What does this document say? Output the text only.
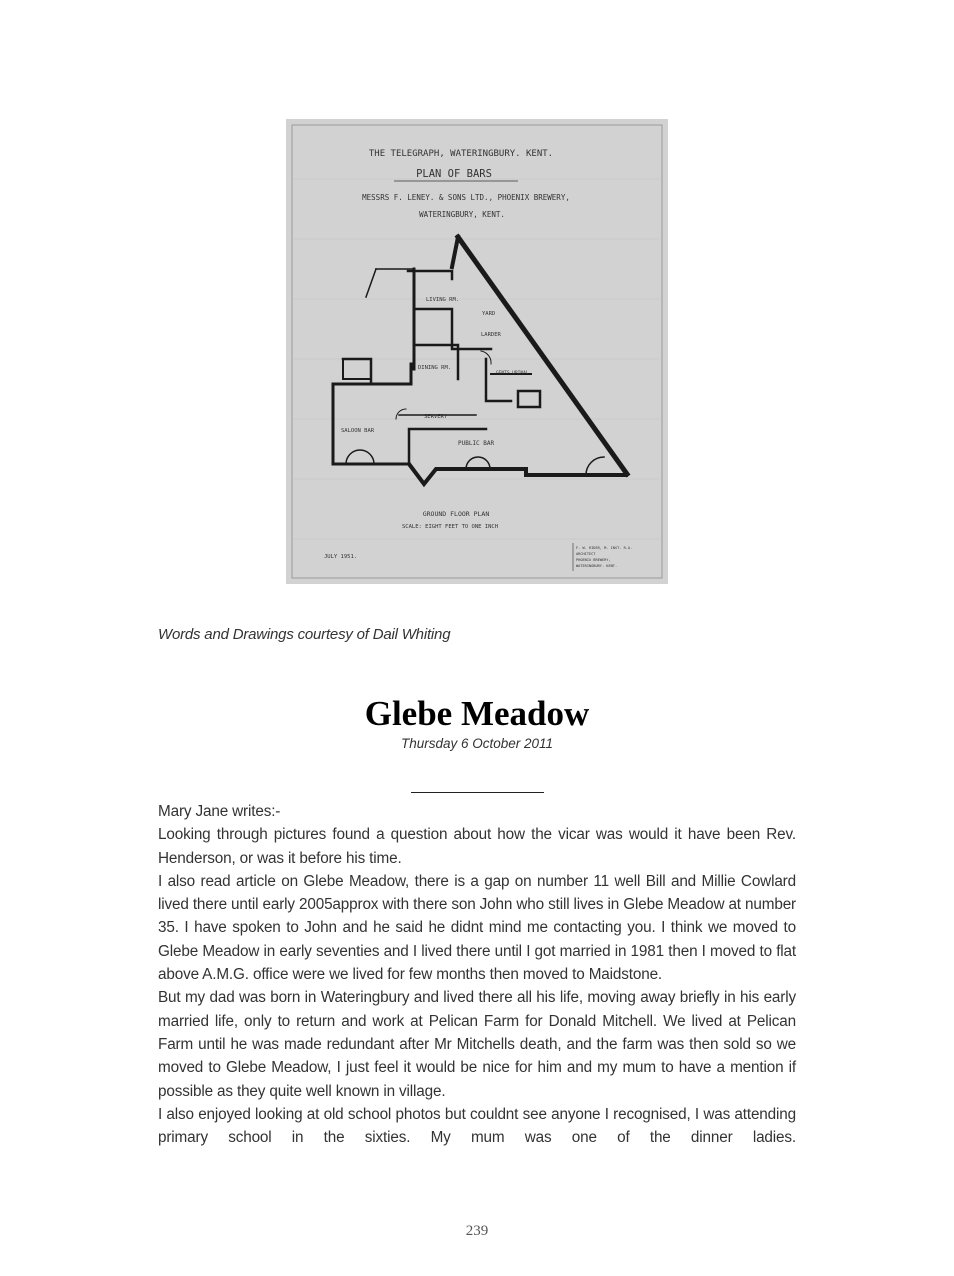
THE TELEGRAPH, WATERINGBURY. KENT.
PLAN OF BARS
MESSRS F. LENEY. & SONS LTD., PHOENIX BREWERY,
WATERINGBURY, KENT.
LIVING RM.
YARD
LARDER
DINING RM.
GENTS URINAL
SERVERY
SALOON BAR
PUBLIC BAR
GROUND FLOOR PLAN
SCALE: EIGHT FEET TO ONE INCH
JULY 1951.
F. W. RIDER, M. INST. R.A.
ARCHITECT
PHOENIX BREWERY,
WATERINGBURY. KENT.
Words and Drawings courtesy of Dail Whiting
Glebe Meadow
Thursday 6 October 2011

Mary Jane writes:-

Looking through pictures found a question about how the vicar was would it have been Rev. Henderson, or was it before his time.

I also read article on Glebe Meadow, there is a gap on number 11 well Bill and Millie Cowlard lived there until early 2005approx with there son John who still lives in Glebe Meadow at number 35. I have spoken to John and he said he didnt mind me contacting you. I think we moved to Glebe Meadow in early seventies and I lived there until I got married in 1981 then I moved to flat above A.M.G. office were we lived for few months then moved to Maidstone.

But my dad was born in Wateringbury and lived there all his life, moving away briefly in his early married life, only to return and work at Pelican Farm for Donald Mitchell. We lived at Pelican Farm until he was made redundant after Mr Mitchells death, and the farm was then sold so we moved to Glebe Meadow, I just feel it would be nice for him and my mum to have a mention if possible as they quite well known in village.

I also enjoyed looking at old school photos but couldnt see anyone I recognised, I was attending primary school in the sixties. My mum was one of the dinner ladies.

239
